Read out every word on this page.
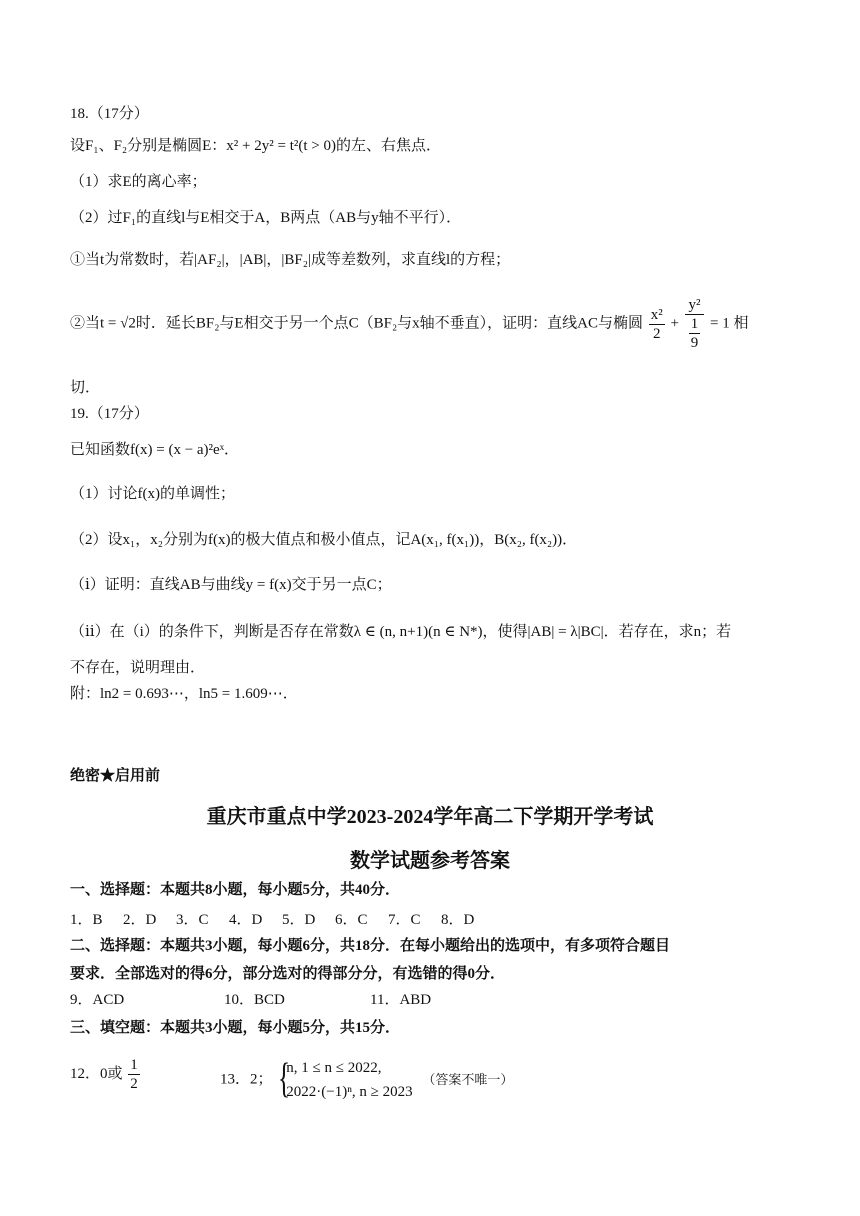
18.（17分）
设F₁、F₂分别是椭圆E：x² + 2y² = t²(t > 0)的左、右焦点．
（1）求E的离心率；
（2）过F₁的直线l与E相交于A，B两点（AB与y轴不平行）．
①当t为常数时，若|AF₂|，|AB|，|BF₂|成等差数列，求直线l的方程；
②当t = √2时．延长BF₂与E相交于另一个点C（BF₂与x轴不垂直），证明：直线AC与椭圆 $\frac{\text{x²}}{2} + \frac{\text{y²}}{\frac{1}{9}} = 1$ 相
切．
19.（17分）
已知函数f(x) = (x − a)²eˣ．
（1）讨论f(x)的单调性；
（2）设x₁，x₂分别为f(x)的极大值点和极小值点，记A(x₁, f(x₁))，B(x₂, f(x₂))．
（ⅰ）证明：直线AB与曲线y = f(x)交于另一点C；
（ⅱ）在（i）的条件下，判断是否存在常数λ ∈ (n, n+1)(n ∈ N*)，使得|AB| = λ|BC|．若存在，求n；若
不存在，说明理由．
附：ln2 = 0.693⋯，ln5 = 1.609⋯．
绝密★启用前
重庆市重点中学2023-2024学年高二下学期开学考试
数学试题参考答案
一、选择题：本题共8小题，每小题5分，共40分．
1．B 2．D 3．C 4．D 5．D 6．C 7．C 8．D
二、选择题：本题共3小题，每小题6分，共18分．在每小题给出的选项中，有多项符合题目
要求．全部选对的得6分，部分选对的得部分分，有选错的得0分．
9．ACD	10．BCD	11．ABD
三、填空题：本题共3小题，每小题5分，共15分．
12．0或 $\frac{1}{2}$	13．2；
{ n, 1 ≤ n ≤ 2022,
2022·(−1)ⁿ, n ≥ 2023
（答案不唯一）
